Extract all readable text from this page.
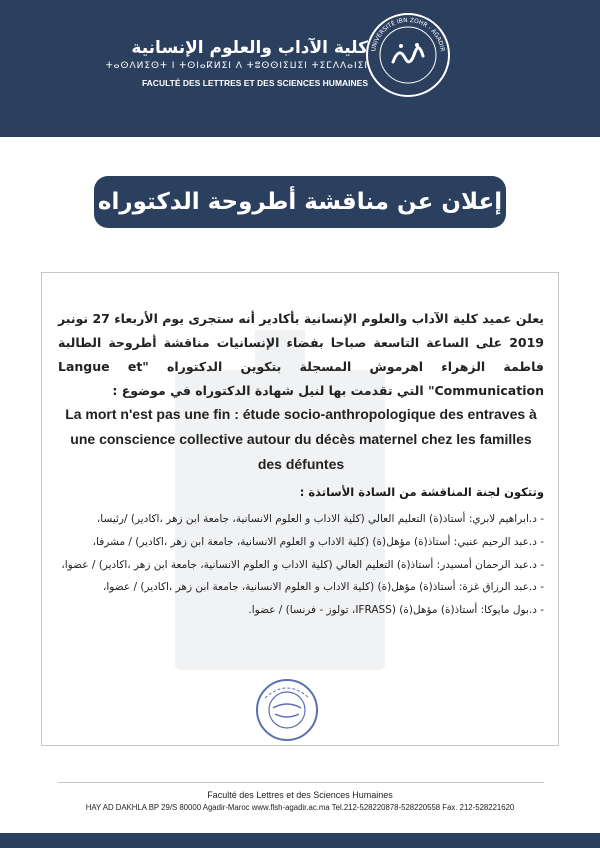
كلية الآداب والعلوم الإنسانية
ⵜⴰⵙⴷⵍⵉⵙⵜ ⵏ ⵜⵙⵏⴰⴽⵍⵉⵏ ⴷ ⵜⵓⵙⵙⵏⵉⵡⵉⵏ ⵜⵉⵎⴷⴷⴰⵏⵉⵏ
FACULTÉ DES LETTRES ET DES SCIENCES HUMAINES
UNIVERSITÉ IBN ZOHR - AGADIR
إعلان عن مناقشة أطروحة الدكتوراه
يعلن عميد كلية الآداب والعلوم الإنسانية بأكادير أنه ستجرى يوم الأربعاء 27 نونبر 2019 على الساعة التاسعة صباحا بفضاء الإنسانيات مناقشة أطروحة الطالبة فاطمة الزهراء اهرموش المسجلة بتكوين الدكتوراه "Langue et Communication" التي تقدمت بها لنيل شهادة الدكتوراه في موضوع :
La mort n'est pas une fin : étude socio-anthropologique des entraves à une conscience collective autour du décès maternel chez les familles des défuntes
وتتكون لجنة المناقشة من السادة الأساتذة :
- د.ابراهيم لابري: أستاذ(ة) التعليم العالي (كلية الاداب و العلوم الانسانية، جامعة ابن زهر ،اكادير) /رئيسا،
- د.عبد الرحيم عنبي: أستاذ(ة) مؤهل(ة) (كلية الاداب و العلوم الانسانية، جامعة ابن زهر ،اكادير) / مشرفا،
- د.عبد الرحمان أمسيدر: أستاذ(ة) التعليم العالي (كلية الاداب و العلوم الانسانية، جامعة ابن زهر ،اكادير) / عضوا،
- د.عبد الرزاق غزة: أستاذ(ة) مؤهل(ة) (كلية الاداب و العلوم الانسانية، جامعة ابن زهر ،اكادير) / عضوا،
- د.بول مايوكا: أستاذ(ة) مؤهل(ة) (IFRASS، تولوز - فرنسا) / عضوا.
Faculté des Lettres et des Sciences Humaines
HAY AD DAKHLA BP 29/S 80000 Agadir-Maroc www.flsh-agadir.ac.ma Tel.212-528220878-528220558 Fax. 212-528221620
